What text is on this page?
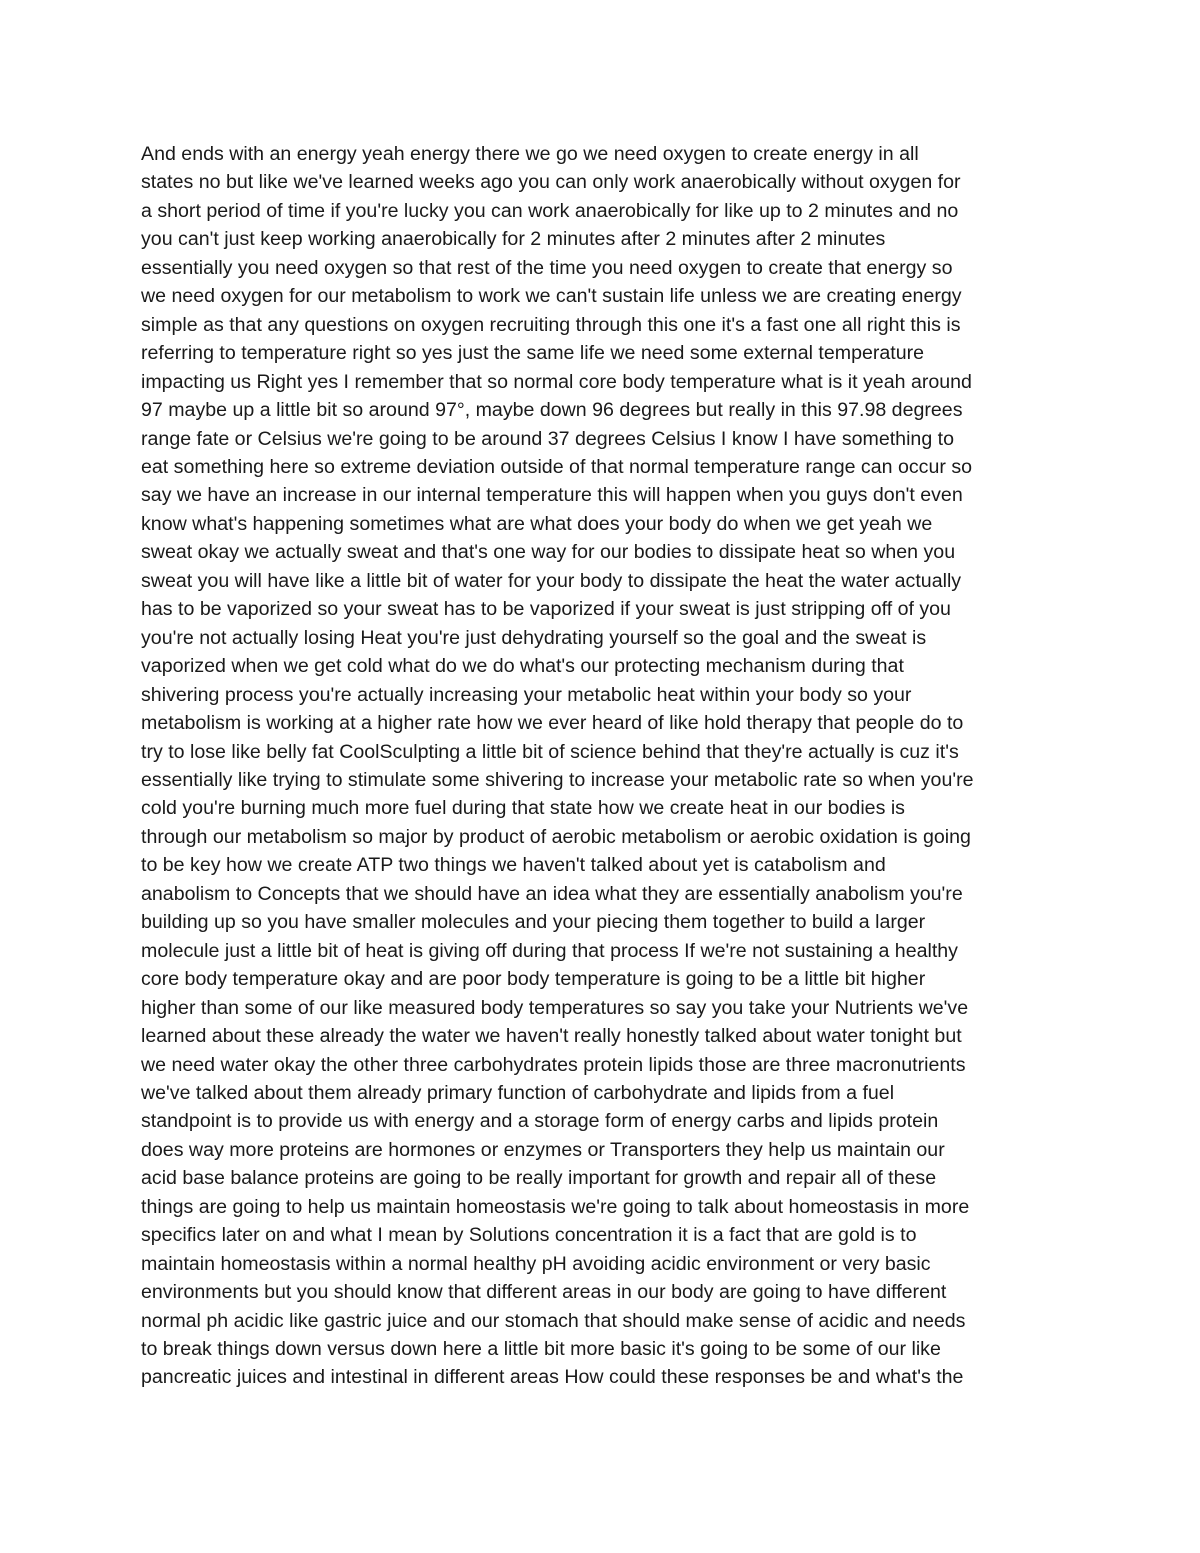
And ends with an energy yeah energy there we go we need oxygen to create energy in all
states no but like we've learned weeks ago you can only work anaerobically without oxygen for
a short period of time if you're lucky you can work anaerobically for like up to 2 minutes and no
you can't just keep working anaerobically for 2 minutes after 2 minutes after 2 minutes
essentially you need oxygen so that rest of the time you need oxygen to create that energy so
we need oxygen for our metabolism to work we can't sustain life unless we are creating energy
simple as that any questions on oxygen recruiting through this one it's a fast one all right this is
referring to temperature right so yes just the same life we need some external temperature
impacting us Right yes I remember that so normal core body temperature what is it yeah around
97 maybe up a little bit so around 97°, maybe down 96 degrees but really in this 97.98 degrees
range fate or Celsius we're going to be around 37 degrees Celsius I know I have something to
eat something here so extreme deviation outside of that normal temperature range can occur so
say we have an increase in our internal temperature this will happen when you guys don't even
know what's happening sometimes what are what does your body do when we get yeah we
sweat okay we actually sweat and that's one way for our bodies to dissipate heat so when you
sweat you will have like a little bit of water for your body to dissipate the heat the water actually
has to be vaporized so your sweat has to be vaporized if your sweat is just stripping off of you
you're not actually losing Heat you're just dehydrating yourself so the goal and the sweat is
vaporized when we get cold what do we do what's our protecting mechanism during that
shivering process you're actually increasing your metabolic heat within your body so your
metabolism is working at a higher rate how we ever heard of like hold therapy that people do to
try to lose like belly fat CoolSculpting a little bit of science behind that they're actually is cuz it's
essentially like trying to stimulate some shivering to increase your metabolic rate so when you're
cold you're burning much more fuel during that state how we create heat in our bodies is
through our metabolism so major by product of aerobic metabolism or aerobic oxidation is going
to be key how we create ATP two things we haven't talked about yet is catabolism and
anabolism to Concepts that we should have an idea what they are essentially anabolism you're
building up so you have smaller molecules and your piecing them together to build a larger
molecule just a little bit of heat is giving off during that process If we're not sustaining a healthy
core body temperature okay and are poor body temperature is going to be a little bit higher
higher than some of our like measured body temperatures so say you take your Nutrients we've
learned about these already the water we haven't really honestly talked about water tonight but
we need water okay the other three carbohydrates protein lipids those are three macronutrients
we've talked about them already primary function of carbohydrate and lipids from a fuel
standpoint is to provide us with energy and a storage form of energy carbs and lipids protein
does way more proteins are hormones or enzymes or Transporters they help us maintain our
acid base balance proteins are going to be really important for growth and repair all of these
things are going to help us maintain homeostasis we're going to talk about homeostasis in more
specifics later on and what I mean by Solutions concentration it is a fact that are gold is to
maintain homeostasis within a normal healthy pH avoiding acidic environment or very basic
environments but you should know that different areas in our body are going to have different
normal ph acidic like gastric juice and our stomach that should make sense of acidic and needs
to break things down versus down here a little bit more basic it's going to be some of our like
pancreatic juices and intestinal in different areas How could these responses be and what's the
